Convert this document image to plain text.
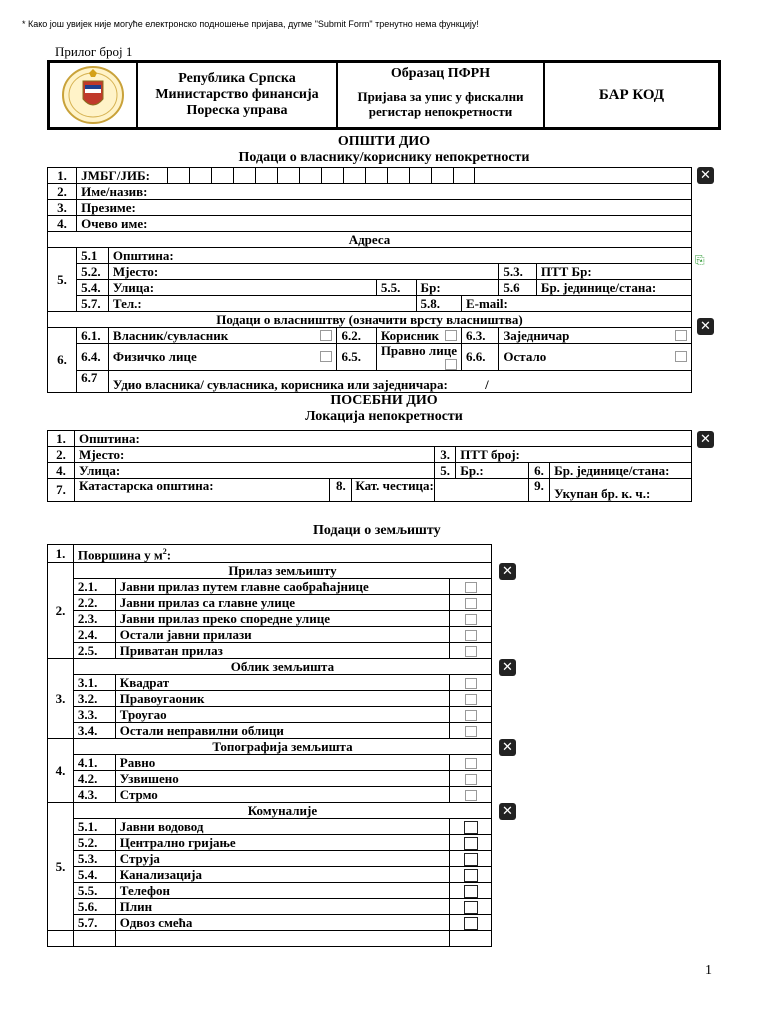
* Како још увијек није могуће електронско подношење пријава, дугме "Submit Form" тренутно нема функцију!
Прилог број 1
Република Српска
Министарство финансија
Пореска управа
Образац ПФРН
Пријава за упис у фискални
регистар непокретности
БАР КОД
ОПШТИ ДИО
Подаци о власнику/кориснику непокретности
1.	ЈМБГ/ЈИБ:							
2.	Име/назив:							
3.	Презиме:							
4.	Очево име:							
Адреса								
5.	5.1	Општина:						
	5.2.	Мјесто:					5.3.	ПТТ Бр:
	5.4.	Улица:		5.5.	Бр:		5.6	Бр. јединице/стана:
	5.7.	Тел.:			5.8.	E-mail:		
Подаци о власништву (означити врсту власништва)								
6.	6.1.	Власник/сувласник	6.2.	Корисник		6.3.	Заједничар	

	6.4.	Физичко лице	6.5.	Правно лице		6.6.	Остало	

	6.7	Удио власника/ сувласника, корисника или заједничара: /						
✕
⎘
✕
ПОСЕБНИ ДИО
Локација непокретности
1.	Општина:					
2.	Мјесто:		3.	ПТТ број:		
4.	Улица:		5.	Бр.:	6.	Бр. јединице/стана:
7.	Катастарска општина:	8. Кат. честица:			9.	Укупан бр. к. ч.:
✕
Подаци о земљишту
1.	Површина у $м^2$:		
2.	Прилаз земљишту		
	2.1.	Јавни прилаз путем главне саобраћајнице	
	2.2.	Јавни прилаз са главне улице	
	2.3.	Јавни прилаз преко споредне улице	
	2.4.	Остали јавни прилази	
	2.5.	Приватан прилаз	
3.	Облик земљишта		
	3.1.	Квадрат	
	3.2.	Правоугаоник	
	3.3.	Троугао	
	3.4.	Остали неправилни облици	
4.	Топографија земљишта		
	4.1.	Равно	
	4.2.	Узвишено	
	4.3.	Стрмо	
5.	Комуналије		
	5.1.	Јавни водовод	
	5.2.	Централно гријање	
	5.3.	Струја	
	5.4.	Канализација	
	5.5.	Телефон	
	5.6.	Плин	
	5.7.	Одвоз смећа	

✕
✕
✕
✕
1
